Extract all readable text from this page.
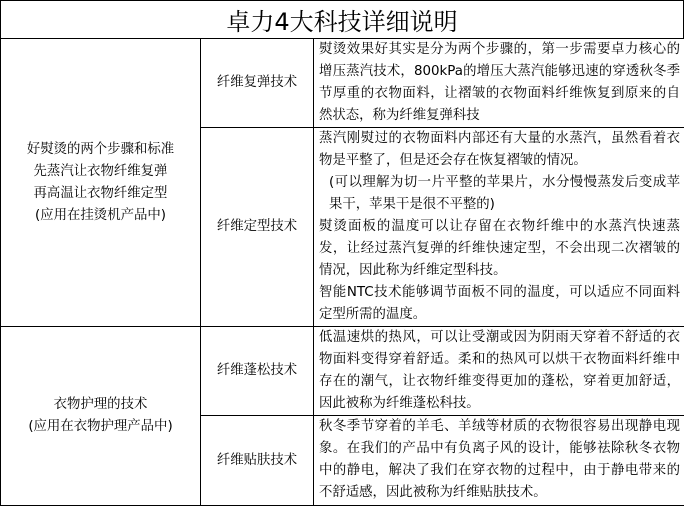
卓力4大科技详细说明
好熨烫的两个步骤和标准
先蒸汽让衣物纤维复弹
再高温让衣物纤维定型
(应用在挂烫机产品中)	纤维复弹技术	熨烫效果好其实是分为两个步骤的，第一步需要卓力核心的增压蒸汽技术，800kPa的增压大蒸汽能够迅速的穿透秋冬季节厚重的衣物面料，让褶皱的衣物面料纤维恢复到原来的自然状态，称为纤维复弹科技

	纤维定型技术	蒸汽刚熨过的衣物面料内部还有大量的水蒸汽，虽然看着衣物是平整了，但是还会存在恢复褶皱的情况。

(可以理解为切一片平整的苹果片，水分慢慢蒸发后变成苹果干，苹果干是很不平整的)

熨烫面板的温度可以让存留在衣物纤维中的水蒸汽快速蒸发，让经过蒸汽复弹的纤维快速定型，不会出现二次褶皱的情况，因此称为纤维定型科技。

智能NTC技术能够调节面板不同的温度，可以适应不同面料定型所需的温度。

衣物护理的技术
(应用在衣物护理产品中)	纤维蓬松技术	低温速烘的热风，可以让受潮或因为阴雨天穿着不舒适的衣物面料变得穿着舒适。柔和的热风可以烘干衣物面料纤维中存在的潮气，让衣物纤维变得更加的蓬松，穿着更加舒适，因此被称为纤维蓬松科技。

	纤维贴肤技术	秋冬季节穿着的羊毛、羊绒等材质的衣物很容易出现静电现象。在我们的产品中有负离子风的设计，能够祛除秋冬衣物中的静电，解决了我们在穿衣物的过程中，由于静电带来的不舒适感，因此被称为纤维贴肤技术。
